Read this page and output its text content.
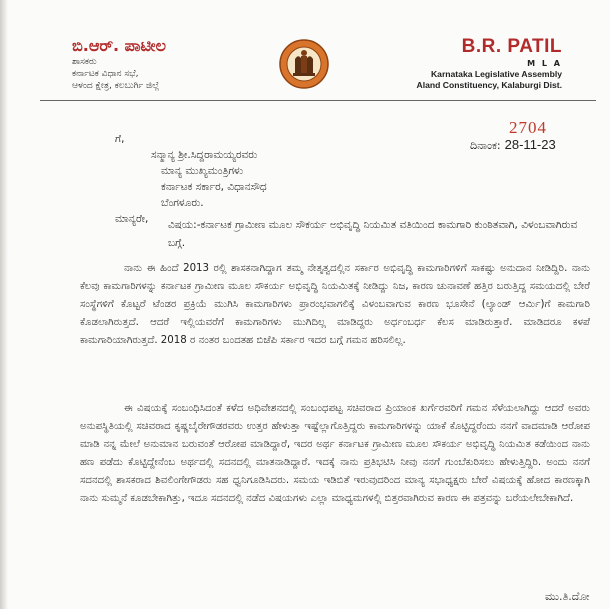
ಬಿ.ಆರ್. ಪಾಟೀಲ
ಶಾಸಕರು
ಕರ್ನಾಟಕ ವಿಧಾನ ಸಭೆ,
ಆಳಂದ ಕ್ಷೇತ್ರ, ಕಲಬುರ್ಗಿ ಜಿಲ್ಲೆ
B.R. PATIL
M L A
Karnataka Legislative Assembly
Aland Constituency, Kalaburgi Dist.
2704
ದಿನಾಂಕ: 28-11-23
ಗೆ,
ಸನ್ಮಾನ್ಯ ಶ್ರೀ.ಸಿದ್ದರಾಮಯ್ಯರವರು
ಮಾನ್ಯ ಮುಖ್ಯಮಂತ್ರಿಗಳು
ಕರ್ನಾಟಕ ಸರ್ಕಾರ, ವಿಧಾನಸೌಧ
ಬೆಂಗಳೂರು.
ಮಾನ್ಯರೇ,	ವಿಷಯ:-ಕರ್ನಾಟಕ ಗ್ರಾಮೀಣ ಮೂಲ ಸೌಕರ್ಯ ಅಭಿವೃದ್ಧಿ ನಿಯಮಿತ ವತಿಯಿಂದ ಕಾಮಗಾರಿ ಕುಂಠಿತವಾಗಿ, ವಿಳಂಬವಾಗಿರುವ ಬಗ್ಗೆ.
ನಾನು ಈ ಹಿಂದೆ 2013 ರಲ್ಲಿ ಶಾಸಕನಾಗಿದ್ದಾಗ ತಮ್ಮ ನೇತೃತ್ವದಲ್ಲಿನ ಸರ್ಕಾರ ಅಭಿವೃದ್ಧಿ ಕಾಮಗಾರಿಗಳಿಗೆ ಸಾಕಷ್ಟು ಅನುದಾನ ನೀಡಿದ್ದಿರಿ. ನಾನು ಕೆಲವು ಕಾಮಗಾರಿಗಳನ್ನು ಕರ್ನಾಟಕ ಗ್ರಾಮೀಣ ಮೂಲ ಸೌಕರ್ಯ ಅಭಿವೃದ್ಧಿ ನಿಯಮಿತಕ್ಕೆ ನೀಡಿದ್ದು ನಿಜ, ಕಾರಣ ಚುನಾವಣೆ ಹತ್ತಿರ ಬರುತ್ತಿದ್ದ ಸಮಯದಲ್ಲಿ ಬೇರೆ ಸಂಸ್ಥೆಗಳಿಗೆ ಕೊಟ್ಟರೆ ಟೆಂಡರ ಪ್ರಕ್ರಿಯೆ ಮುಗಿಸಿ ಕಾಮಗಾರಿಗಳು ಪ್ರಾರಂಭವಾಗಲಿಕ್ಕೆ ವಿಳಂಬವಾಗುವ ಕಾರಣ ಭೂಸೇನೆ (ಲ್ಯಾಂಡ್ ಆರ್ಮಿ)ಗೆ ಕಾಮಗಾರಿ ಕೊಡಲಾಗಿರುತ್ತದೆ. ಆದರೆ ಇಲ್ಲಿಯವರೆಗೆ ಕಾಮಗಾರಿಗಳು ಮುಗಿದಿಲ್ಲ ಮಾಡಿದ್ದರು ಅರ್ಧಂಬರ್ಧ ಕೆಲಸ ಮಾಡಿರುತ್ತಾರೆ. ಮಾಡಿದರೂ ಕಳಪೆ ಕಾಮಗಾರಿಯಾಗಿರುತ್ತದೆ. 2018 ರ ನಂತರ ಬಂದತಹ ಬಿಜೆಪಿ ಸರ್ಕಾರ ಇದರ ಬಗ್ಗೆ ಗಮನ ಹರಿಸಲಿಲ್ಲ.
ಈ ವಿಷಯಕ್ಕೆ ಸಂಬಂಧಿಸಿದಂತೆ ಕಳೆದ ಅಧಿವೇಶನದಲ್ಲಿ ಸಂಬಂಧಪಟ್ಟ ಸಚಿವರಾದ ಪ್ರಿಯಾಂಕ ಖರ್ಗೆರವರಿಗೆ ಗಮನ ಸೆಳೆಯಲಾಗಿದ್ದು ಆದರೆ ಅವರು ಅನುಪಸ್ಥಿತಿಯಲ್ಲಿ ಸಚಿವರಾದ ಕೃಷ್ಣಬೈರೇಗೌಡರವರು ಉತ್ತರ ಹೇಳುತ್ತಾ ಇಷ್ಟೆಲ್ಲಾಗೊತ್ತಿದ್ದರು ಕಾಮಗಾರಿಗಳನ್ನು ಯಾಕೆ ಕೊಟ್ಟಿದ್ದರೆಂದು ನನಗೆ ವಾದಮಾಡಿ ಆರೋಪ ಮಾಡಿ ನನ್ನ ಮೇಲೆ ಅನುಮಾನ ಬರುವಂತೆ ಆರೋಪ ಮಾಡಿದ್ದಾರೆ, ಇದರ ಅರ್ಥ ಕರ್ನಾಟಕ ಗ್ರಾಮೀಣ ಮೂಲ ಸೌಕರ್ಯ ಅಭಿವೃದ್ಧಿ ನಿಯಮಿತ ಕಡೆಯಿಂದ ನಾನು ಹಣ ಪಡೆದು ಕೊಟ್ಟಿದ್ದೇನೆಂಬ ಅರ್ಥದಲ್ಲಿ ಸದನದಲ್ಲಿ ಮಾತನಾಡಿದ್ದಾರೆ. ಇದಕ್ಕೆ ನಾನು ಪ್ರತಿಭಟಿಸಿ ನೀವು ನನಗೆ ಗುಂಬೆಕುರಿಸಲು ಹೇಳುತ್ತಿದ್ದಿರಿ. ಅಂದು ನನಗೆ ಸದನದಲ್ಲಿ ಶಾಸಕರಾದ ಶಿವಲಿಂಗೇಗೌಡರು ಸಹ ಧ್ವನಿಗೂಡಿಸಿದರು. ಸಮಯ ಇಡಿಬಿತೆ ಇರುವುದರಿಂದ ಮಾನ್ಯ ಸಭಾಧ್ಯಕ್ಷರು ಬೇರೆ ವಿಷಯಕ್ಕೆ ಹೋದ ಕಾರಣಕ್ಕಾಗಿ ನಾನು ಸುಮ್ಮನೆ ಕೂಡಬೇಕಾಗಿತ್ತು, ಇದೂ ಸದನದಲ್ಲಿ ನಡೆದ ವಿಷಯಗಳು ಎಲ್ಲಾ ಮಾಧ್ಯಮಗಳಲ್ಲಿ ಬಿತ್ತರವಾಗಿರುವ ಕಾರಣ ಈ ಪತ್ರವನ್ನು ಬರೆಯಲೇಬೇಕಾಗಿದೆ.
ಮು.ತಿ.ದೋ
